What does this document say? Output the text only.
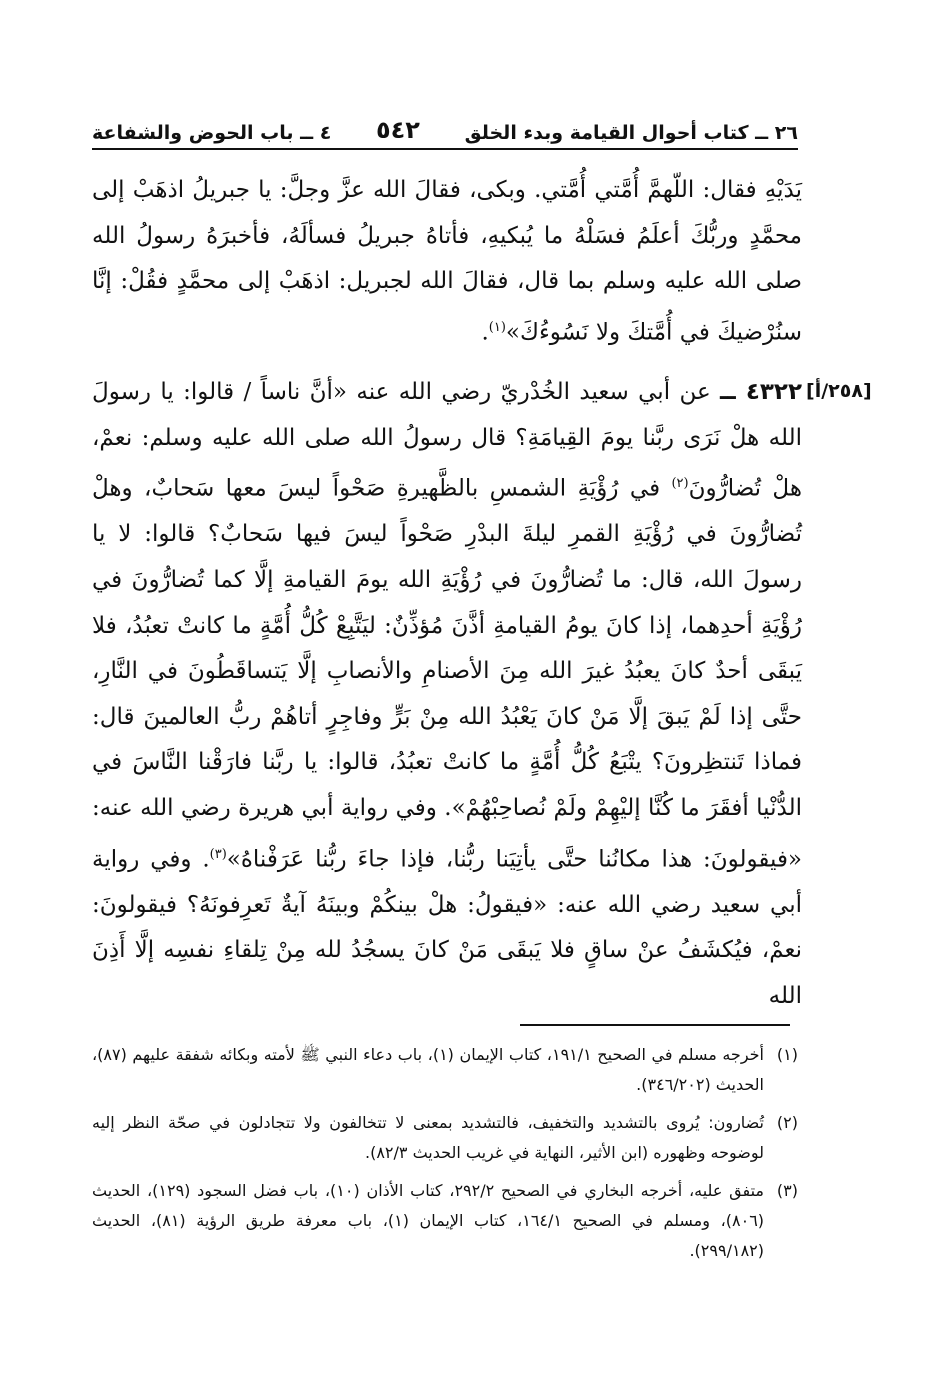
٢٦ ــ كتاب أحوال القيامة وبدء الخلق
٥٤٢
٤ ــ باب الحوض والشفاعة
[٢٥٨/أ]

يَدَيْهِ فقال: اللّهمَّ أُمَّتي أُمَّتي. وبكى، فقالَ الله عزَّ وجلَّ: يا جبريلُ اذهَبْ إلى محمَّدٍ وربُّكَ أعلَمُ فسَلْهُ ما يُبكيهِ، فأتاهُ جبريلُ فسألَهُ، فأخبرَهُ رسولُ الله صلى الله عليه وسلم بما قال، فقالَ الله لجبريل: اذهَبْ إلى محمَّدٍ فقُلْ: إنَّا سنُرْضيكَ في أُمَّتكَ ولا نَسُوءُكَ»$^{(١)}$.

٤٣٢٢ ــ عن أبي سعيد الخُدْريّ رضي الله عنه «أنَّ ناساً / قالوا: يا رسولَ الله هلْ نَرَى ربَّنا يومَ القِيامَةِ؟ قال رسولُ الله صلى الله عليه وسلم: نعمْ، هلْ تُضارُّونَ$^{(٢)}$ في رُؤْيَةِ الشمسِ بالظَّهيرةِ صَحْواً ليسَ معها سَحابٌ، وهلْ تُضارُّونَ في رُؤْيَةِ القمرِ ليلةَ البدْرِ صَحْواً ليسَ فيها سَحابٌ؟ قالوا: لا يا رسولَ الله، قال: ما تُضارُّونَ في رُؤْيَةِ الله يومَ القيامةِ إلَّا كما تُضارُّونَ في رُؤْيَةِ أحدِهما، إذا كانَ يومُ القيامةِ أذَّنَ مُؤذِّنٌ: ليَتَّبِعْ كُلُّ أُمَّةٍ ما كانتْ تعبُدُ، فلا يَبقَى أحدٌ كانَ يعبُدُ غيرَ الله مِنَ الأصنامِ والأنصابِ إلَّا يَتساقَطُونَ في النَّارِ، حتَّى إذا لَمْ يَبقَ إلَّا مَنْ كانَ يَعْبُدُ الله مِنْ بَرٍّ وفاجِرٍ أتاهُمْ ربُّ العالمينَ قال: فماذا تَنتظِرونَ؟ يتْبَعُ كُلُّ أُمَّةٍ ما كانتْ تعبُدُ، قالوا: يا ربَّنا فارَقْنا النَّاسَ في الدُّنْيا أفقَرَ ما كُنَّا إليْهِمْ ولَمْ نُصاحِبْهُمْ». وفي رواية أبي هريرة رضي الله عنه: «فيقولونَ: هذا مكانُنا حتَّى يأتِيَنا ربُّنا، فإذا جاءَ ربُّنا عَرَفْناهُ»$^{(٣)}$. وفي رواية أبي سعيد رضي الله عنه: «فيقولُ: هلْ بينكُمْ وبينَهُ آيةٌ تَعرِفونَهُ؟ فيقولونَ: نعمْ، فيُكشَفُ عنْ ساقٍ فلا يَبقَى مَنْ كانَ يسجُدُ لله مِنْ تِلقاءِ نفسِه إلَّا أَذِنَ الله

(١)
أخرجه مسلم في الصحيح ١٩١/١، كتاب الإيمان (١)، باب دعاء النبي ﷺ لأمته وبكائه شفقة عليهم (٨٧)، الحديث (٣٤٦/٢٠٢).
(٢)
تُضارون: يُروى بالتشديد والتخفيف، فالتشديد بمعنى لا تتخالفون ولا تتجادلون في صحّة النظر إليه لوضوحه وظهوره (ابن الأثير، النهاية في غريب الحديث ٨٢/٣).
(٣)
متفق عليه، أخرجه البخاري في الصحيح ٢٩٢/٢، كتاب الأذان (١٠)، باب فضل السجود (١٢٩)، الحديث (٨٠٦)، ومسلم في الصحيح ١٦٤/١، كتاب الإيمان (١)، باب معرفة طريق الرؤية (٨١)، الحديث (٢٩٩/١٨٢).
